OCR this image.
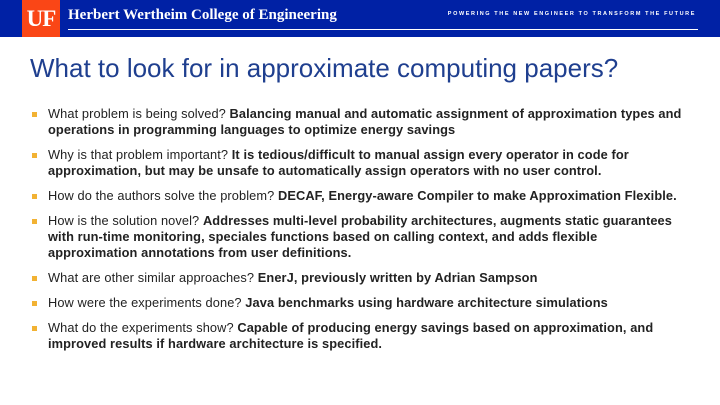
UF Herbert Wertheim College of Engineering	POWERING THE NEW ENGINEER TO TRANSFORM THE FUTURE
What to look for in approximate computing papers?
What problem is being solved? Balancing manual and automatic assignment of approximation types and operations in programming languages to optimize energy savings
Why is that problem important? It is tedious/difficult to manual assign every operator in code for approximation, but may be unsafe to automatically assign operators with no user control.
How do the authors solve the problem? DECAF, Energy-aware Compiler to make Approximation Flexible.
How is the solution novel? Addresses multi-level probability architectures, augments static guarantees with run-time monitoring, speciales functions based on calling context, and adds flexible approximation annotations from user definitions.
What are other similar approaches? EnerJ, previously written by Adrian Sampson
How were the experiments done? Java benchmarks using hardware architecture simulations
What do the experiments show? Capable of producing energy savings based on approximation, and improved results if hardware architecture is specified.
